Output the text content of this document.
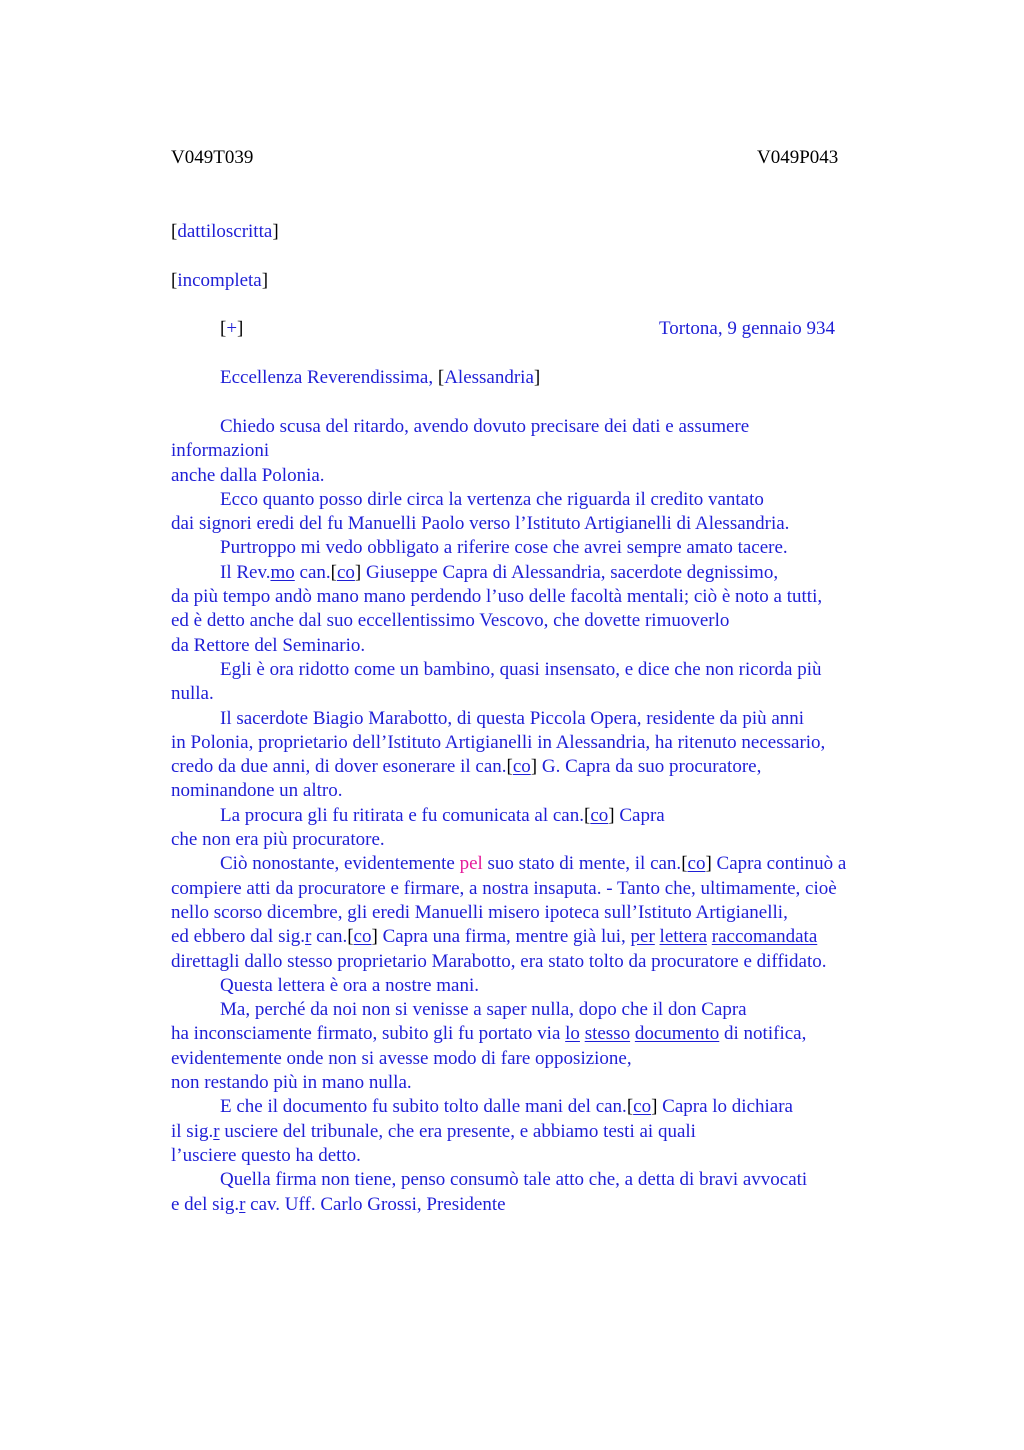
V049T039	V049P043
[dattiloscritta]
[incompleta]
[+]	Tortona, 9 gennaio 934
Eccellenza Reverendissima, [Alessandria]
Chiedo scusa del ritardo, avendo dovuto precisare dei dati e assumere
informazioni
anche dalla Polonia.
Ecco quanto posso dirle circa la vertenza che riguarda il credito vantato
dai signori eredi del fu Manuelli Paolo verso l’Istituto Artigianelli di Alessandria.
Purtroppo mi vedo obbligato a riferire cose che avrei sempre amato tacere.
Il Rev.mo can.[co] Giuseppe Capra di Alessandria, sacerdote degnissimo,
da più tempo andò mano mano perdendo l’uso delle facoltà mentali; ciò è noto a tutti,
ed è detto anche dal suo eccellentissimo Vescovo, che dovette rimuoverlo
da Rettore del Seminario.
Egli è ora ridotto come un bambino, quasi insensato, e dice che non ricorda più
nulla.
Il sacerdote Biagio Marabotto, di questa Piccola Opera, residente da più anni
in Polonia, proprietario dell’Istituto Artigianelli in Alessandria, ha ritenuto necessario,
credo da due anni, di dover esonerare il can.[co] G. Capra da suo procuratore,
nominandone un altro.
La procura gli fu ritirata e fu comunicata al can.[co] Capra
che non era più procuratore.
Ciò nonostante, evidentemente pel suo stato di mente, il can.[co] Capra continuò a
compiere atti da procuratore e firmare, a nostra insaputa. - Tanto che, ultimamente, cioè
nello scorso dicembre, gli eredi Manuelli misero ipoteca sull’Istituto Artigianelli,
ed ebbero dal sig.r can.[co] Capra una firma, mentre già lui, per lettera raccomandata
direttagli dallo stesso proprietario Marabotto, era stato tolto da procuratore e diffidato.
Questa lettera è ora a nostre mani.
Ma, perché da noi non si venisse a saper nulla, dopo che il don Capra
ha inconsciamente firmato, subito gli fu portato via lo stesso documento di notifica,
evidentemente onde non si avesse modo di fare opposizione,
non restando più in mano nulla.
E che il documento fu subito tolto dalle mani del can.[co] Capra lo dichiara
il sig.r usciere del tribunale, che era presente, e abbiamo testi ai quali
l’usciere questo ha detto.
Quella firma non tiene, penso consumò tale atto che, a detta di bravi avvocati
e del sig.r cav. Uff. Carlo Grossi, Presidente
